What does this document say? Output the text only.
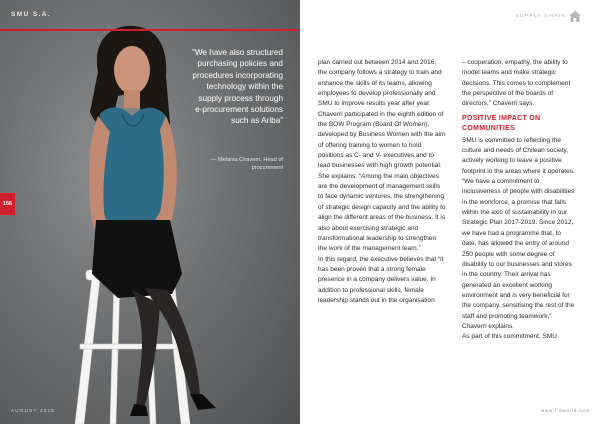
SMU S.A.
“We have also structured purchasing policies and procedures incorporating technology within the supply process through e-procurement solutions such as Ariba”
— Melania Chaverri, Head of procurement
AUGUST 2018
156
SUPPLY CHAIN

plan carried out between 2014 and 2016, the company follows a strategy to train and enhance the skills of its teams, allowing employees to develop professionally and SMU to improve results year after year.

Chaverri participated in the eighth edition of the BOW Program (Board Of Women), developed by Business Women with the aim of offering training to women to hold positions as C- and V- executives and to lead businesses with high growth potential.

She explains: “Among the main objectives are the development of management skills to face dynamic ventures, the strengthening of strategic design capacity and the ability to align the different areas of the business. It is also about exercising strategic and transformational leadership to strengthen the work of the management team.”

In this regard, the executive believes that “it has been proven that a strong female presence in a company delivers value. In addition to professional skills, female leadership stands out in the organisation

– cooperation, empathy, the ability to model teams and make strategic decisions. This comes to complement the perspective of the boards of directors,” Chaverri says.

POSITIVE IMPACT ON COMMUNITIES

SMU is committed to reflecting the culture and needs of Chilean society, actively working to leave a positive footprint in the areas where it operates.

“We have a commitment to inclusiveness of people with disabilities in the workforce, a promise that falls within the axis of sustainability in our Strategic Plan 2017-2019. Since 2012, we have had a programme that, to date, has allowed the entry of around 250 people with some degree of disability to our businesses and stores in the country. Their arrival has generated an excellent working environment and is very beneficial for the company, sensitising the rest of the staff and promoting teamwork,” Chaverri explains.

As part of this commitment, SMU

www.f dworld.com
